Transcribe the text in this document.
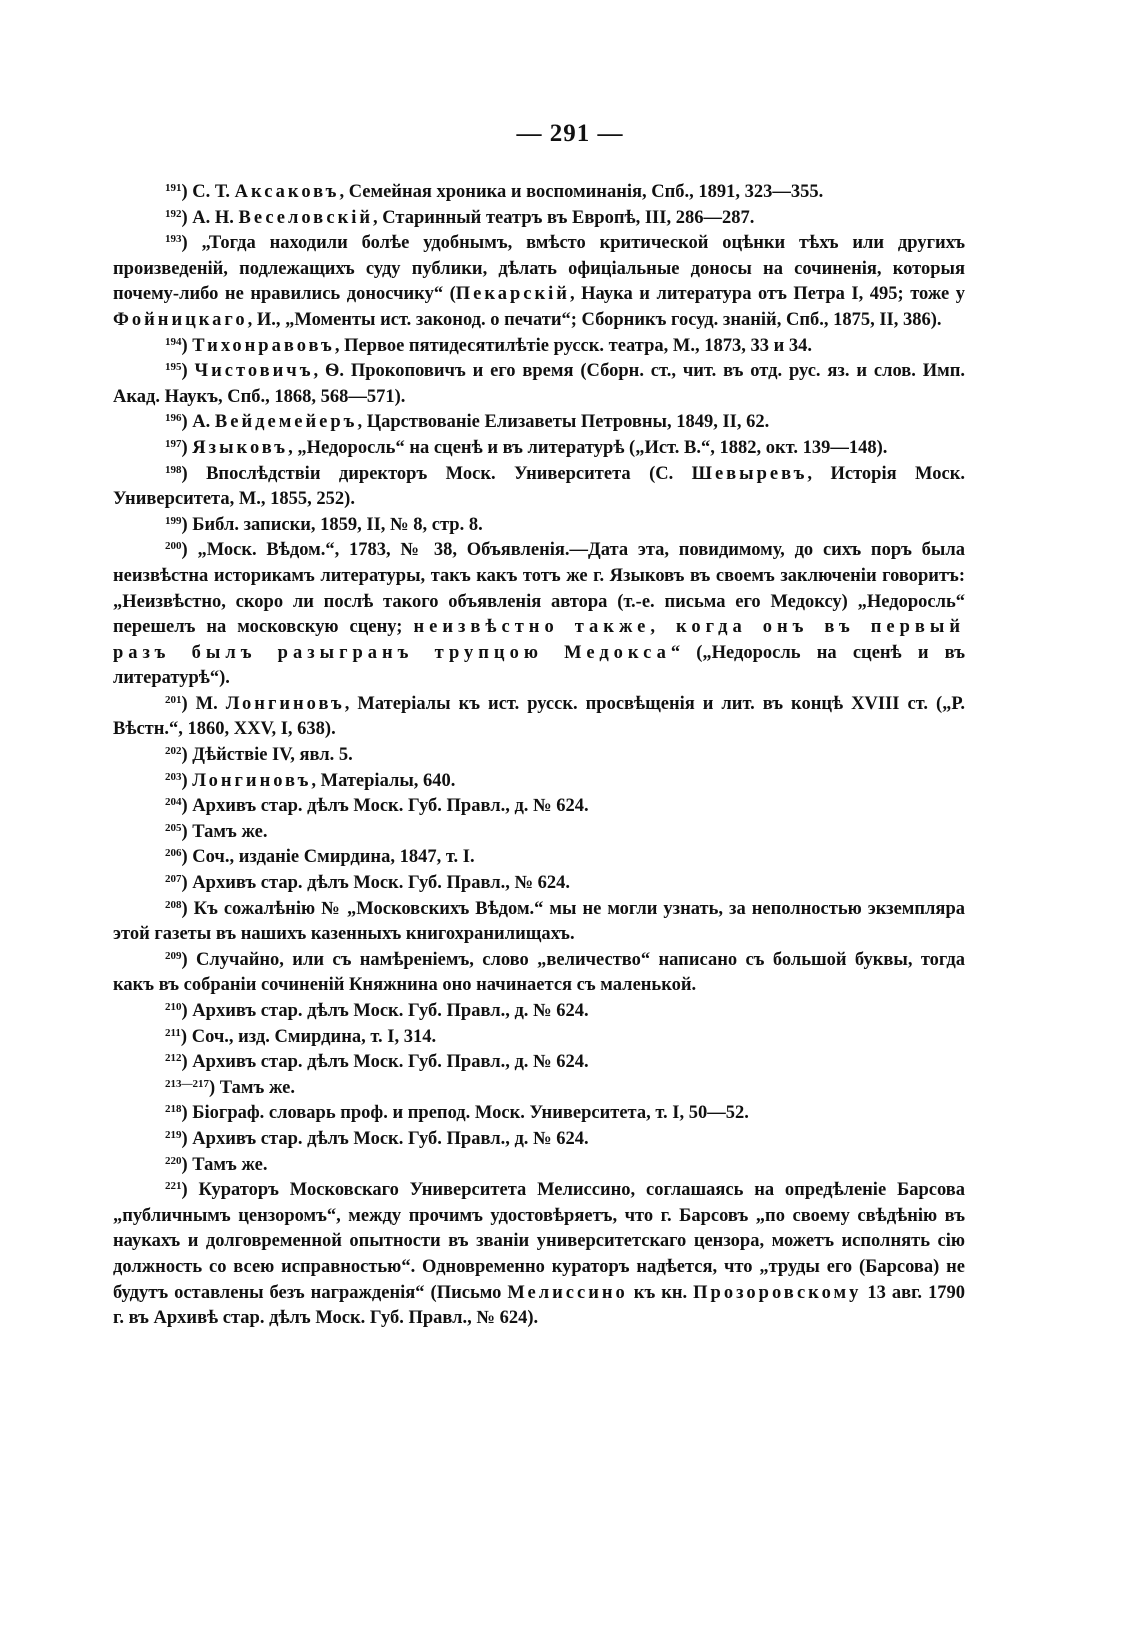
— 291 —

$^{191}$) С. Т. Аксаковъ, Семейная хроника и воспоминанія, Спб., 1891, 323—355.

$^{192}$) А. Н. Веселовскій, Старинный театръ въ Европѣ, III, 286—287.

$^{193}$) „Тогда находили болѣе удобнымъ, вмѣсто критической оцѣнки тѣхъ или другихъ произведеній, подлежащихъ суду публики, дѣлать офиціальные доносы на сочиненія, которыя почему-либо не нравились доносчику“ (Пекарскій, Наука и литература отъ Петра I, 495; тоже у Фойницкаго, И., „Моменты ист. законод. о печати“; Сборникъ госуд. знаній, Спб., 1875, II, 386).

$^{194}$) Тихонравовъ, Первое пятидесятилѣтіе русск. театра, М., 1873, 33 и 34.

$^{195}$) Чистовичъ, Ѳ. Прокоповичъ и его время (Сборн. ст., чит. въ отд. рус. яз. и слов. Имп. Акад. Наукъ, Спб., 1868, 568—571).

$^{196}$) А. Вейдемейеръ, Царствованіе Елизаветы Петровны, 1849, II, 62.

$^{197}$) Языковъ, „Недоросль“ на сценѣ и въ литературѣ („Ист. В.“, 1882, окт. 139—148).

$^{198}$) Впослѣдствіи директоръ Моск. Университета (С. Шевыревъ, Исторія Моск. Университета, М., 1855, 252).

$^{199}$) Библ. записки, 1859, II, № 8, стр. 8.

$^{200}$) „Моск. Вѣдом.“, 1783, № 38, Объявленія.—Дата эта, повидимому, до сихъ поръ была неизвѣстна историкамъ литературы, такъ какъ тотъ же г. Языковъ въ своемъ заключеніи говоритъ: „Неизвѣстно, скоро ли послѣ такого объявленія автора (т.-е. письма его Медоксу) „Недоросль“ перешелъ на московскую сцену; неизвѣстно также, когда онъ въ первый разъ былъ разыгранъ трупцою Медокса“ („Недоросль на сценѣ и въ литературѣ“).

$^{201}$) М. Лонгиновъ, Матеріалы къ ист. русск. просвѣщенія и лит. въ концѣ XVIII ст. („Р. Вѣстн.“, 1860, XXV, I, 638).

$^{202}$) Дѣйствіе IV, явл. 5.

$^{203}$) Лонгиновъ, Матеріалы, 640.

$^{204}$) Архивъ стар. дѣлъ Моск. Губ. Правл., д. № 624.

$^{205}$) Тамъ же.

$^{206}$) Соч., изданіе Смирдина, 1847, т. I.

$^{207}$) Архивъ стар. дѣлъ Моск. Губ. Правл., № 624.

$^{208}$) Къ сожалѣнію № „Московскихъ Вѣдом.“ мы не могли узнать, за неполностью экземпляра этой газеты въ нашихъ казенныхъ книгохранилищахъ.

$^{209}$) Случайно, или съ намѣреніемъ, слово „величество“ написано съ большой буквы, тогда какъ въ собраніи сочиненій Княжнина оно начинается съ маленькой.

$^{210}$) Архивъ стар. дѣлъ Моск. Губ. Правл., д. № 624.

$^{211}$) Соч., изд. Смирдина, т. I, 314.

$^{212}$) Архивъ стар. дѣлъ Моск. Губ. Правл., д. № 624.

$^{213—217}$) Тамъ же.

$^{218}$) Біограф. словарь проф. и препод. Моск. Университета, т. I, 50—52.

$^{219}$) Архивъ стар. дѣлъ Моск. Губ. Правл., д. № 624.

$^{220}$) Тамъ же.

$^{221}$) Кураторъ Московскаго Университета Мелиссино, соглашаясь на опредѣленіе Барсова „публичнымъ цензоромъ“, между прочимъ удостовѣряетъ, что г. Барсовъ „по своему свѣдѣнію въ наукахъ и долговременной опытности въ званіи университетскаго цензора, можетъ исполнять сію должность со всею исправностью“. Одновременно кураторъ надѣется, что „труды его (Барсова) не будутъ оставлены безъ награжденія“ (Письмо Мелиссино къ кн. Прозоровскому 13 авг. 1790 г. въ Архивѣ стар. дѣлъ Моск. Губ. Правл., № 624).
